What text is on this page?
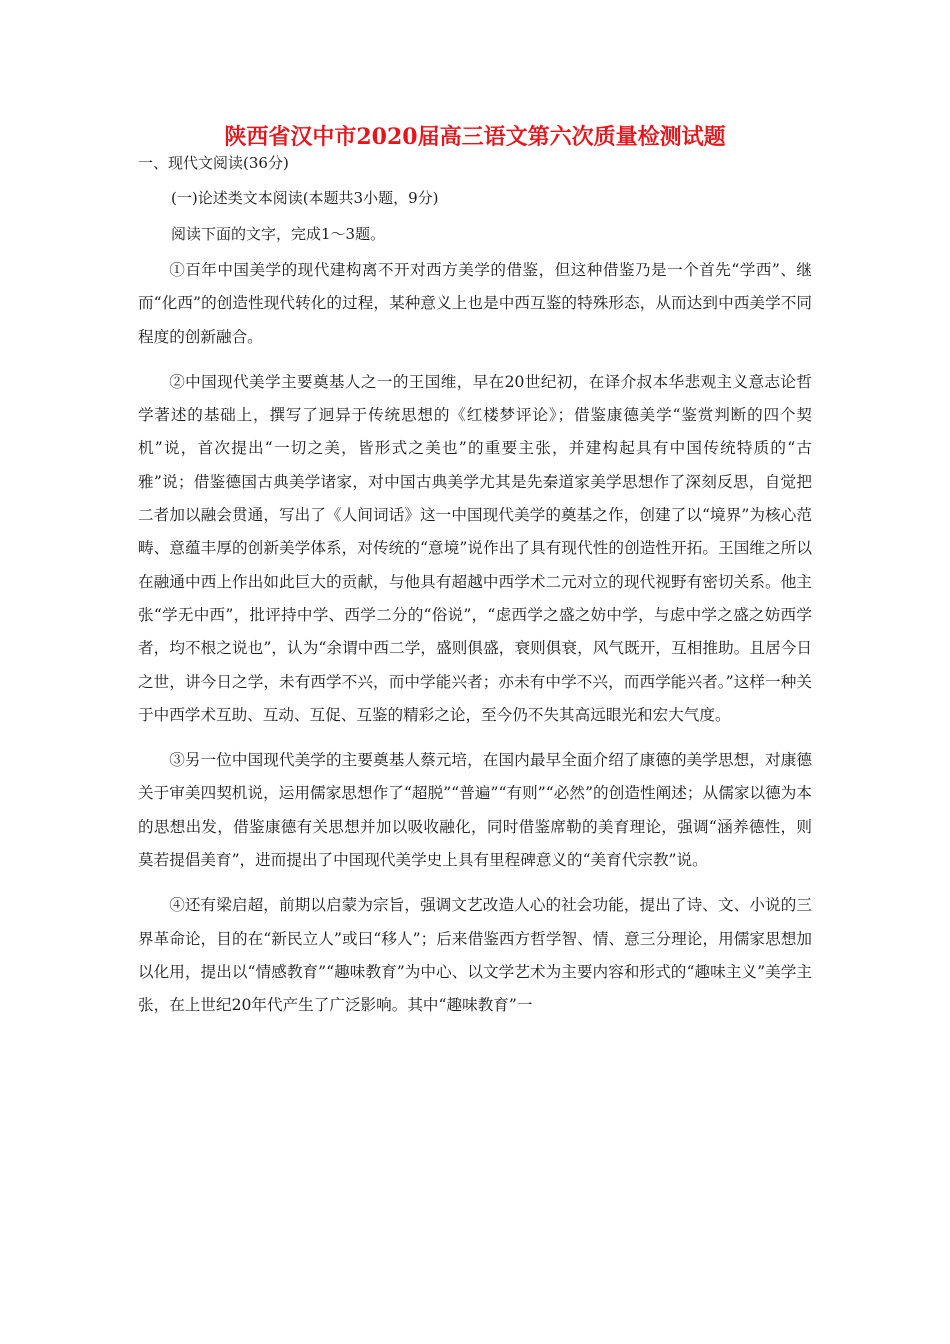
陕西省汉中市2020届高三语文第六次质量检测试题
一、现代文阅读(36分)
(一)论述类文本阅读(本题共3小题，9分)
阅读下面的文字，完成1～3题。

①百年中国美学的现代建构离不开对西方美学的借鉴，但这种借鉴乃是一个首先“学西”、继而“化西”的创造性现代转化的过程，某种意义上也是中西互鉴的特殊形态，从而达到中西美学不同程度的创新融合。

②中国现代美学主要奠基人之一的王国维，早在20世纪初，在译介叔本华悲观主义意志论哲学著述的基础上，撰写了迥异于传统思想的《红楼梦评论》；借鉴康德美学“鉴赏判断的四个契机”说，首次提出“一切之美，皆形式之美也”的重要主张，并建构起具有中国传统特质的“古雅”说；借鉴德国古典美学诸家，对中国古典美学尤其是先秦道家美学思想作了深刻反思，自觉把二者加以融会贯通，写出了《人间词话》这一中国现代美学的奠基之作，创建了以“境界”为核心范畴、意蕴丰厚的创新美学体系，对传统的“意境”说作出了具有现代性的创造性开拓。王国维之所以在融通中西上作出如此巨大的贡献，与他具有超越中西学术二元对立的现代视野有密切关系。他主张“学无中西”，批评持中学、西学二分的“俗说”，“虑西学之盛之妨中学，与虑中学之盛之妨西学者，均不根之说也”，认为“余谓中西二学，盛则俱盛，衰则俱衰，风气既开，互相推助。且居今日之世，讲今日之学，未有西学不兴，而中学能兴者；亦未有中学不兴，而西学能兴者。”这样一种关于中西学术互助、互动、互促、互鉴的精彩之论，至今仍不失其高远眼光和宏大气度。

③另一位中国现代美学的主要奠基人蔡元培，在国内最早全面介绍了康德的美学思想，对康德关于审美四契机说，运用儒家思想作了“超脱”“普遍”“有则”“必然”的创造性阐述；从儒家以德为本的思想出发，借鉴康德有关思想并加以吸收融化，同时借鉴席勒的美育理论，强调“涵养德性，则莫若提倡美育”，进而提出了中国现代美学史上具有里程碑意义的“美育代宗教”说。

④还有梁启超，前期以启蒙为宗旨，强调文艺改造人心的社会功能，提出了诗、文、小说的三界革命论，目的在“新民立人”或曰“移人”；后来借鉴西方哲学智、情、意三分理论，用儒家思想加以化用，提出以“情感教育”“趣味教育”为中心、以文学艺术为主要内容和形式的“趣味主义”美学主张，在上世纪20年代产生了广泛影响。其中“趣味教育”一
